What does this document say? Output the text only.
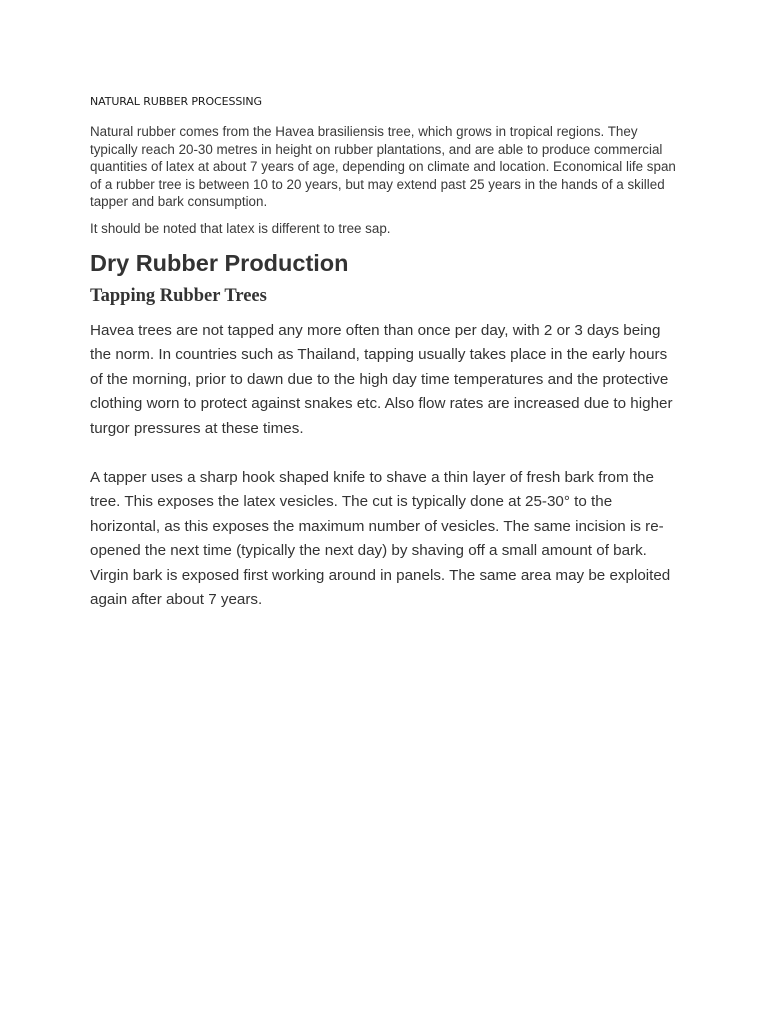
NATURAL RUBBER PROCESSING

Natural rubber comes from the Havea brasiliensis tree, which grows in tropical regions. They typically reach 20-30 metres in height on rubber plantations, and are able to produce commercial quantities of latex at about 7 years of age, depending on climate and location. Economical life span of a rubber tree is between 10 to 20 years, but may extend past 25 years in the hands of a skilled tapper and bark consumption.

It should be noted that latex is different to tree sap.

Dry Rubber Production
Tapping Rubber Trees

Havea trees are not tapped any more often than once per day, with 2 or 3 days being the norm. In countries such as Thailand, tapping usually takes place in the early hours of the morning, prior to dawn due to the high day time temperatures and the protective clothing worn to protect against snakes etc. Also flow rates are increased due to higher turgor pressures at these times.

A tapper uses a sharp hook shaped knife to shave a thin layer of fresh bark from the tree. This exposes the latex vesicles. The cut is typically done at 25-30° to the horizontal, as this exposes the maximum number of vesicles. The same incision is re-opened the next time (typically the next day) by shaving off a small amount of bark. Virgin bark is exposed first working around in panels. The same area may be exploited again after about 7 years.
